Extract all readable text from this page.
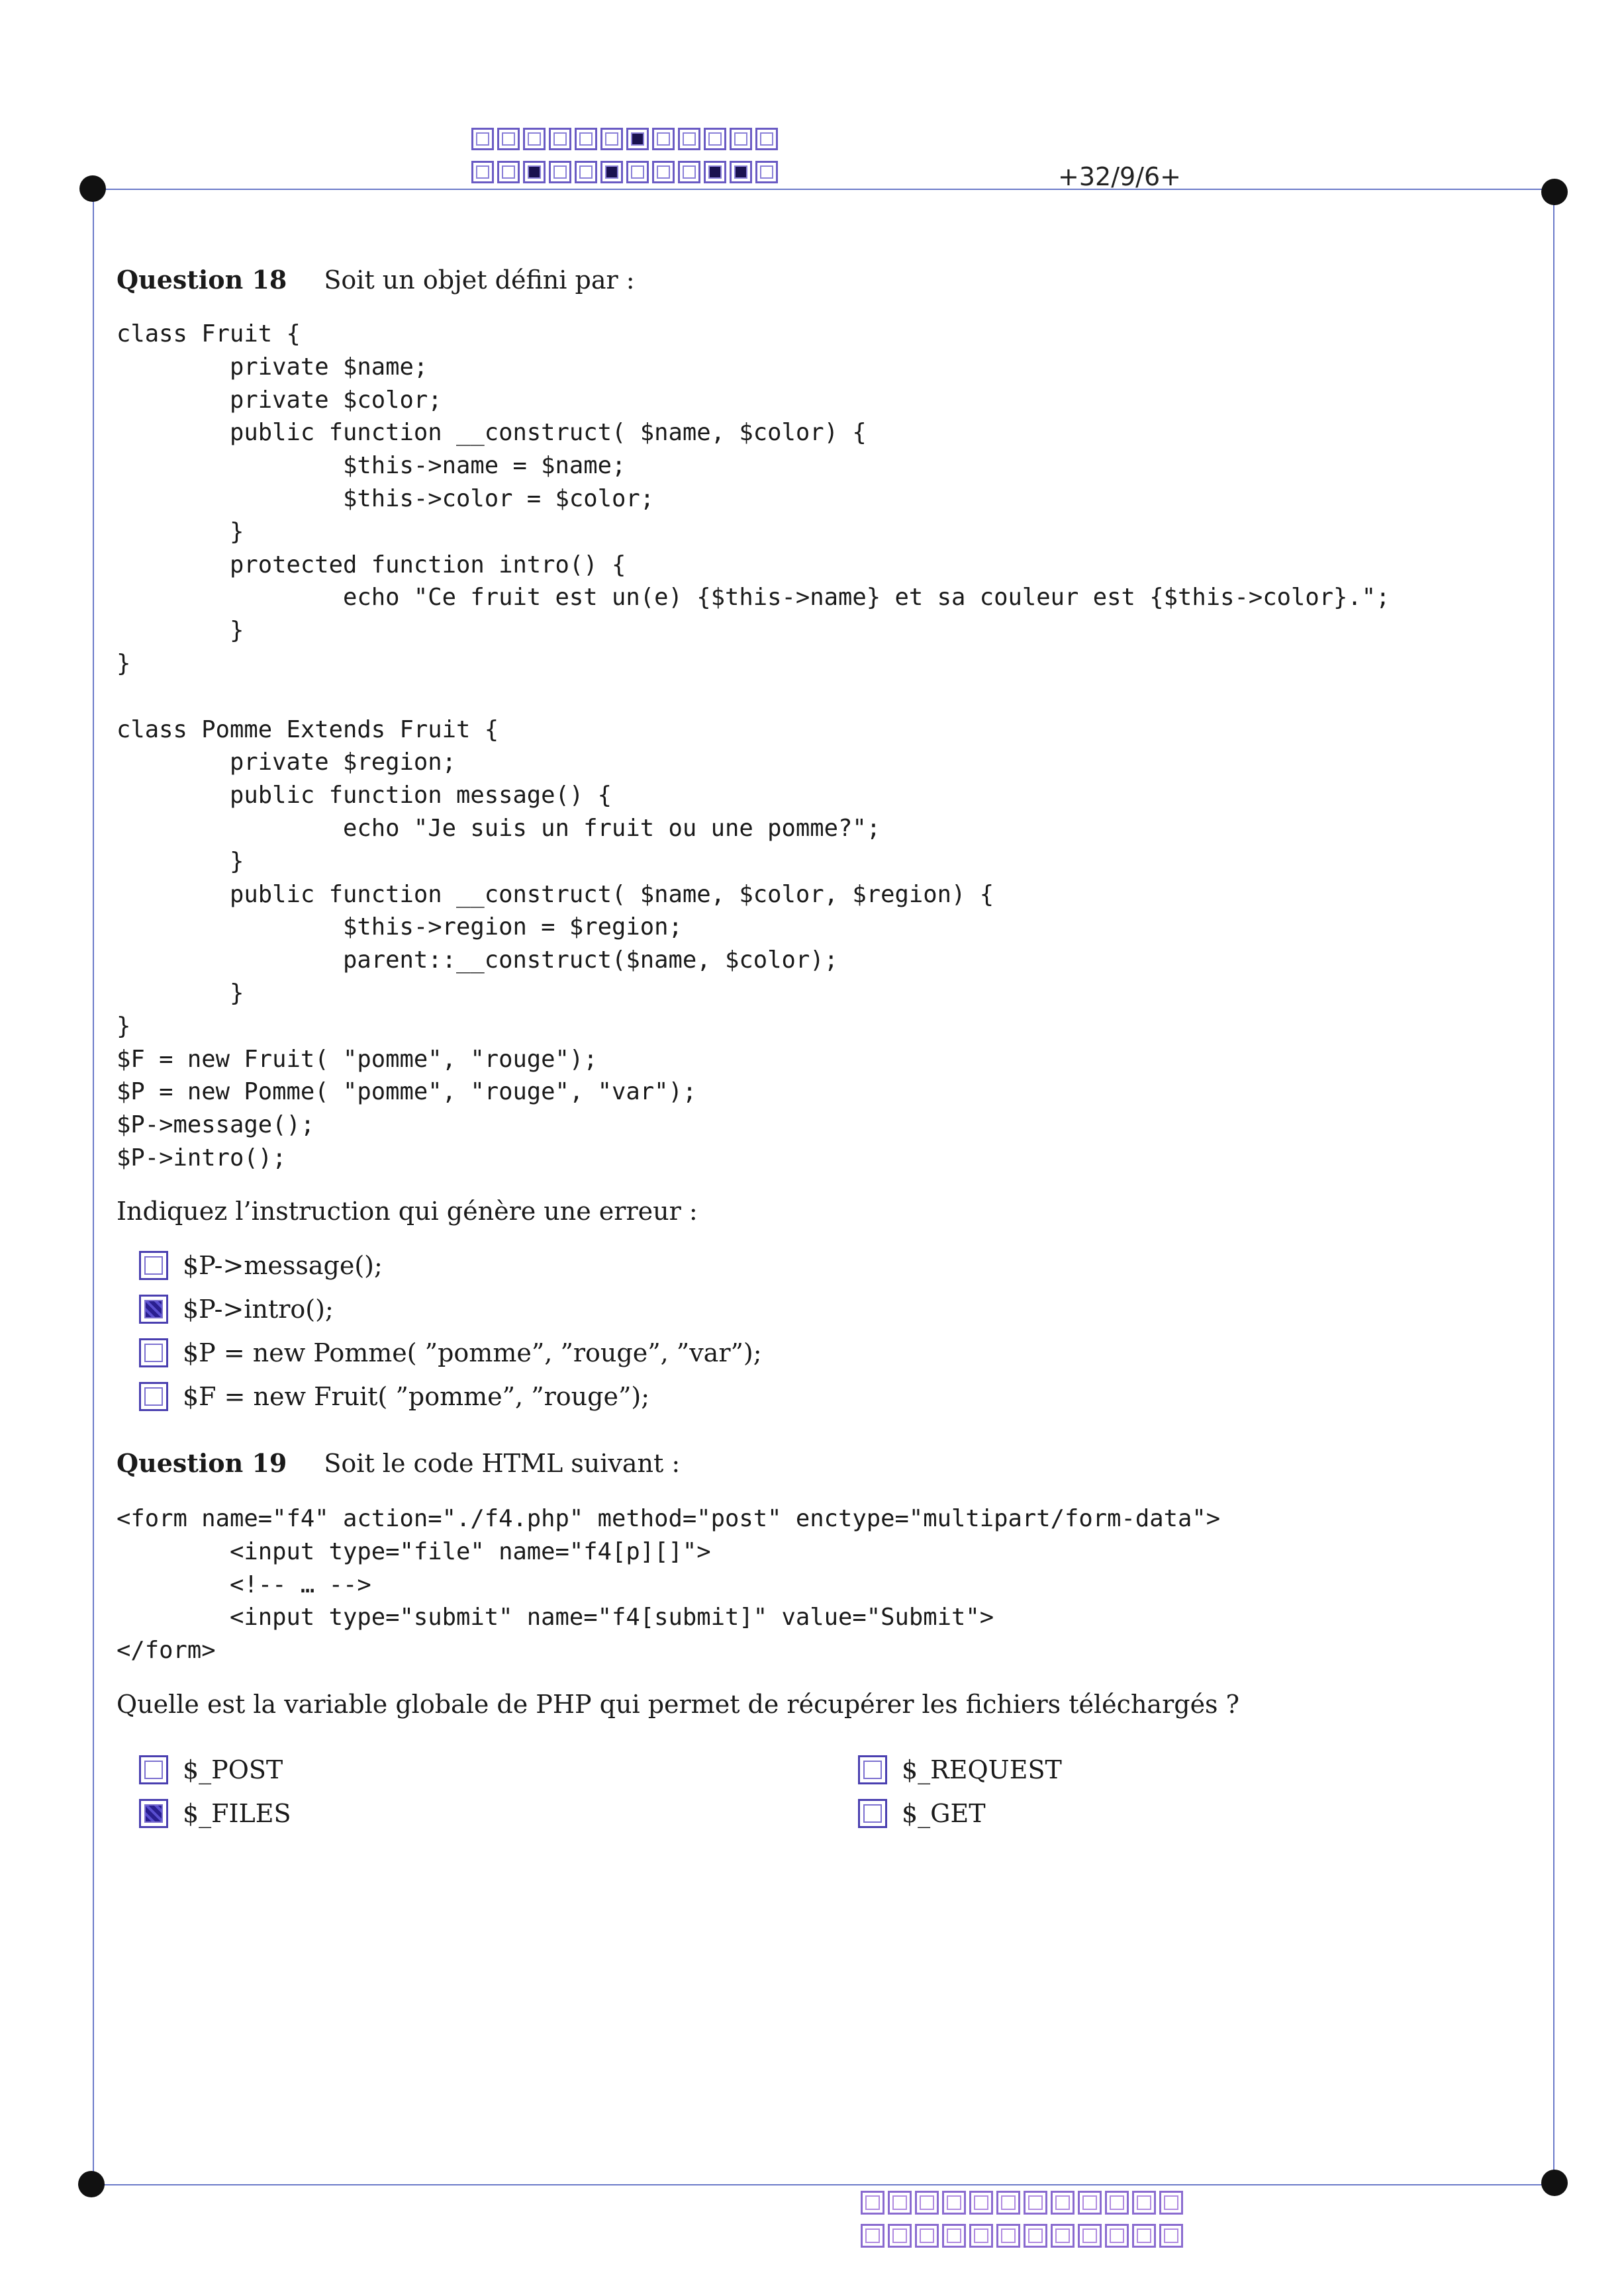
+32/9/6+
Question 18 Soit un objet défini par :
class Fruit {
private $name;
private $color;
public function __construct( $name, $color) {
$this->name = $name;
$this->color = $color;
}
protected function intro() {
echo "Ce fruit est un(e) {$this->name} et sa couleur est {$this->color}.";
}
}

class Pomme Extends Fruit {
private $region;
public function message() {
echo "Je suis un fruit ou une pomme?";
}
public function __construct( $name, $color, $region) {
$this->region = $region;
parent::__construct($name, $color);
}
}
$F = new Fruit( "pomme", "rouge");
$P = new Pomme( "pomme", "rouge", "var");
$P->message();
$P->intro();
Indiquez l’instruction qui génère une erreur :
$P->message();
$P->intro();
$P = new Pomme( ”pomme”, ”rouge”, ”var”);
$F = new Fruit( ”pomme”, ”rouge”);
Question 19 Soit le code HTML suivant :
<form name="f4" action="./f4.php" method="post" enctype="multipart/form-data">
<input type="file" name="f4[p][]">
<!-- … -->
<input type="submit" name="f4[submit]" value="Submit">
</form>
Quelle est la variable globale de PHP qui permet de récupérer les fichiers téléchargés ?
$_POST
$_FILES
$_REQUEST
$_GET
